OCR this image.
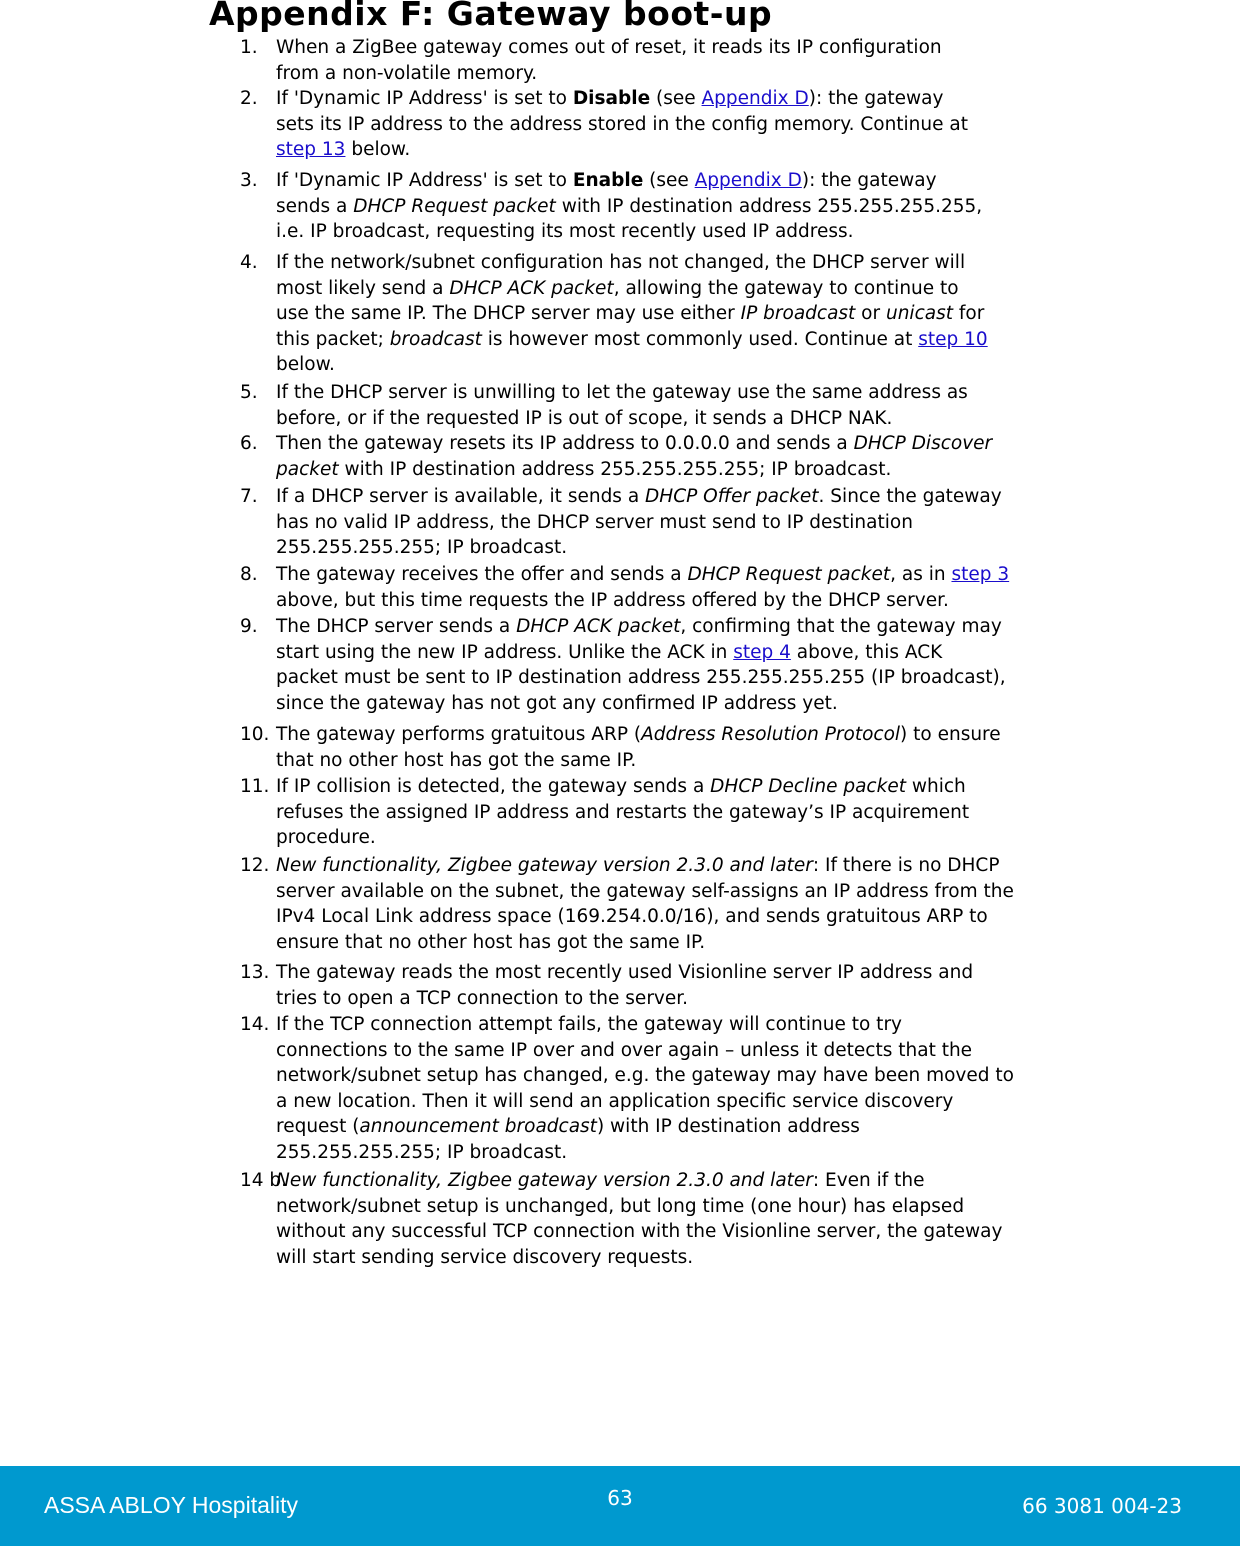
Appendix F: Gateway boot-up
1. When a ZigBee gateway comes out of reset, it reads its IP configuration
from a non-volatile memory.
2. If 'Dynamic IP Address' is set to Disable (see Appendix D): the gateway
sets its IP address to the address stored in the config memory. Continue at
step 13 below.
3. If 'Dynamic IP Address' is set to Enable (see Appendix D): the gateway
sends a DHCP Request packet with IP destination address 255.255.255.255,
i.e. IP broadcast, requesting its most recently used IP address.
4. If the network/subnet configuration has not changed, the DHCP server will
most likely send a DHCP ACK packet, allowing the gateway to continue to
use the same IP. The DHCP server may use either IP broadcast or unicast for
this packet; broadcast is however most commonly used. Continue at step 10
below.
5. If the DHCP server is unwilling to let the gateway use the same address as
before, or if the requested IP is out of scope, it sends a DHCP NAK.
6. Then the gateway resets its IP address to 0.0.0.0 and sends a DHCP Discover
packet with IP destination address 255.255.255.255; IP broadcast.
7. If a DHCP server is available, it sends a DHCP Offer packet. Since the gateway
has no valid IP address, the DHCP server must send to IP destination
255.255.255.255; IP broadcast.
8. The gateway receives the offer and sends a DHCP Request packet, as in step 3
above, but this time requests the IP address offered by the DHCP server.
9. The DHCP server sends a DHCP ACK packet, confirming that the gateway may
start using the new IP address. Unlike the ACK in step 4 above, this ACK
packet must be sent to IP destination address 255.255.255.255 (IP broadcast),
since the gateway has not got any confirmed IP address yet.
10. The gateway performs gratuitous ARP (Address Resolution Protocol) to ensure
that no other host has got the same IP.
11. If IP collision is detected, the gateway sends a DHCP Decline packet which
refuses the assigned IP address and restarts the gateway’s IP acquirement
procedure.
12. New functionality, Zigbee gateway version 2.3.0 and later: If there is no DHCP
server available on the subnet, the gateway self-assigns an IP address from the
IPv4 Local Link address space (169.254.0.0/16), and sends gratuitous ARP to
ensure that no other host has got the same IP.
13. The gateway reads the most recently used Visionline server IP address and
tries to open a TCP connection to the server.
14. If the TCP connection attempt fails, the gateway will continue to try
connections to the same IP over and over again – unless it detects that the
network/subnet setup has changed, e.g. the gateway may have been moved to
a new location. Then it will send an application specific service discovery
request (announcement broadcast) with IP destination address
255.255.255.255; IP broadcast.
14 b.
New functionality, Zigbee gateway version 2.3.0 and later: Even if the
network/subnet setup is unchanged, but long time (one hour) has elapsed
without any successful TCP connection with the Visionline server, the gateway
will start sending service discovery requests.
ASSA ABLOY Hospitality	63	66 3081 004-23
